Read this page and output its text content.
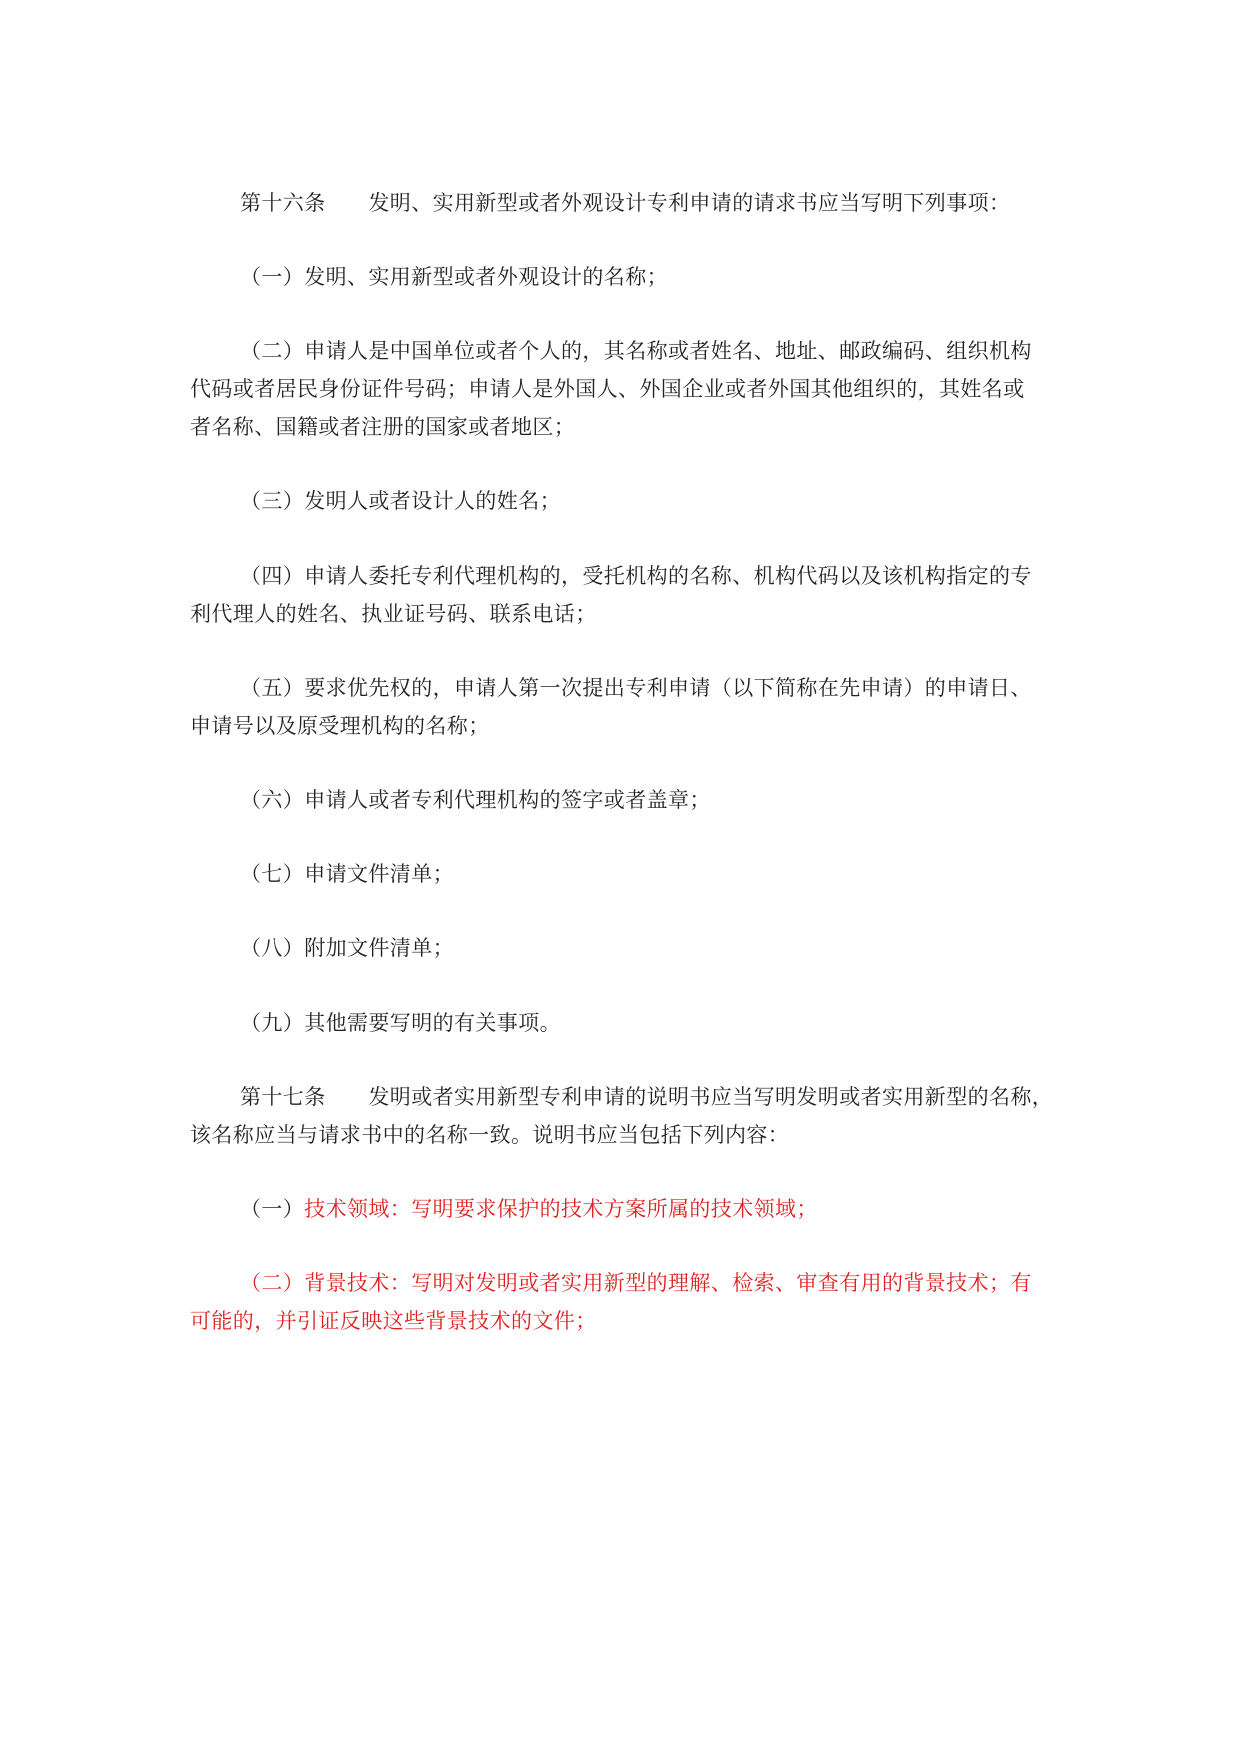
第十六条　　发明、实用新型或者外观设计专利申请的请求书应当写明下列事项：
（一）发明、实用新型或者外观设计的名称；
（二）申请人是中国单位或者个人的，其名称或者姓名、地址、邮政编码、组织机构
代码或者居民身份证件号码；申请人是外国人、外国企业或者外国其他组织的，其姓名或
者名称、国籍或者注册的国家或者地区；
（三）发明人或者设计人的姓名；
（四）申请人委托专利代理机构的，受托机构的名称、机构代码以及该机构指定的专
利代理人的姓名、执业证号码、联系电话；
（五）要求优先权的，申请人第一次提出专利申请（以下简称在先申请）的申请日、
申请号以及原受理机构的名称；
（六）申请人或者专利代理机构的签字或者盖章；
（七）申请文件清单；
（八）附加文件清单；
（九）其他需要写明的有关事项。
第十七条　　发明或者实用新型专利申请的说明书应当写明发明或者实用新型的名称，
该名称应当与请求书中的名称一致。说明书应当包括下列内容：
（一）技术领域：写明要求保护的技术方案所属的技术领域；
（二）背景技术：写明对发明或者实用新型的理解、检索、审查有用的背景技术；有
可能的，并引证反映这些背景技术的文件；
